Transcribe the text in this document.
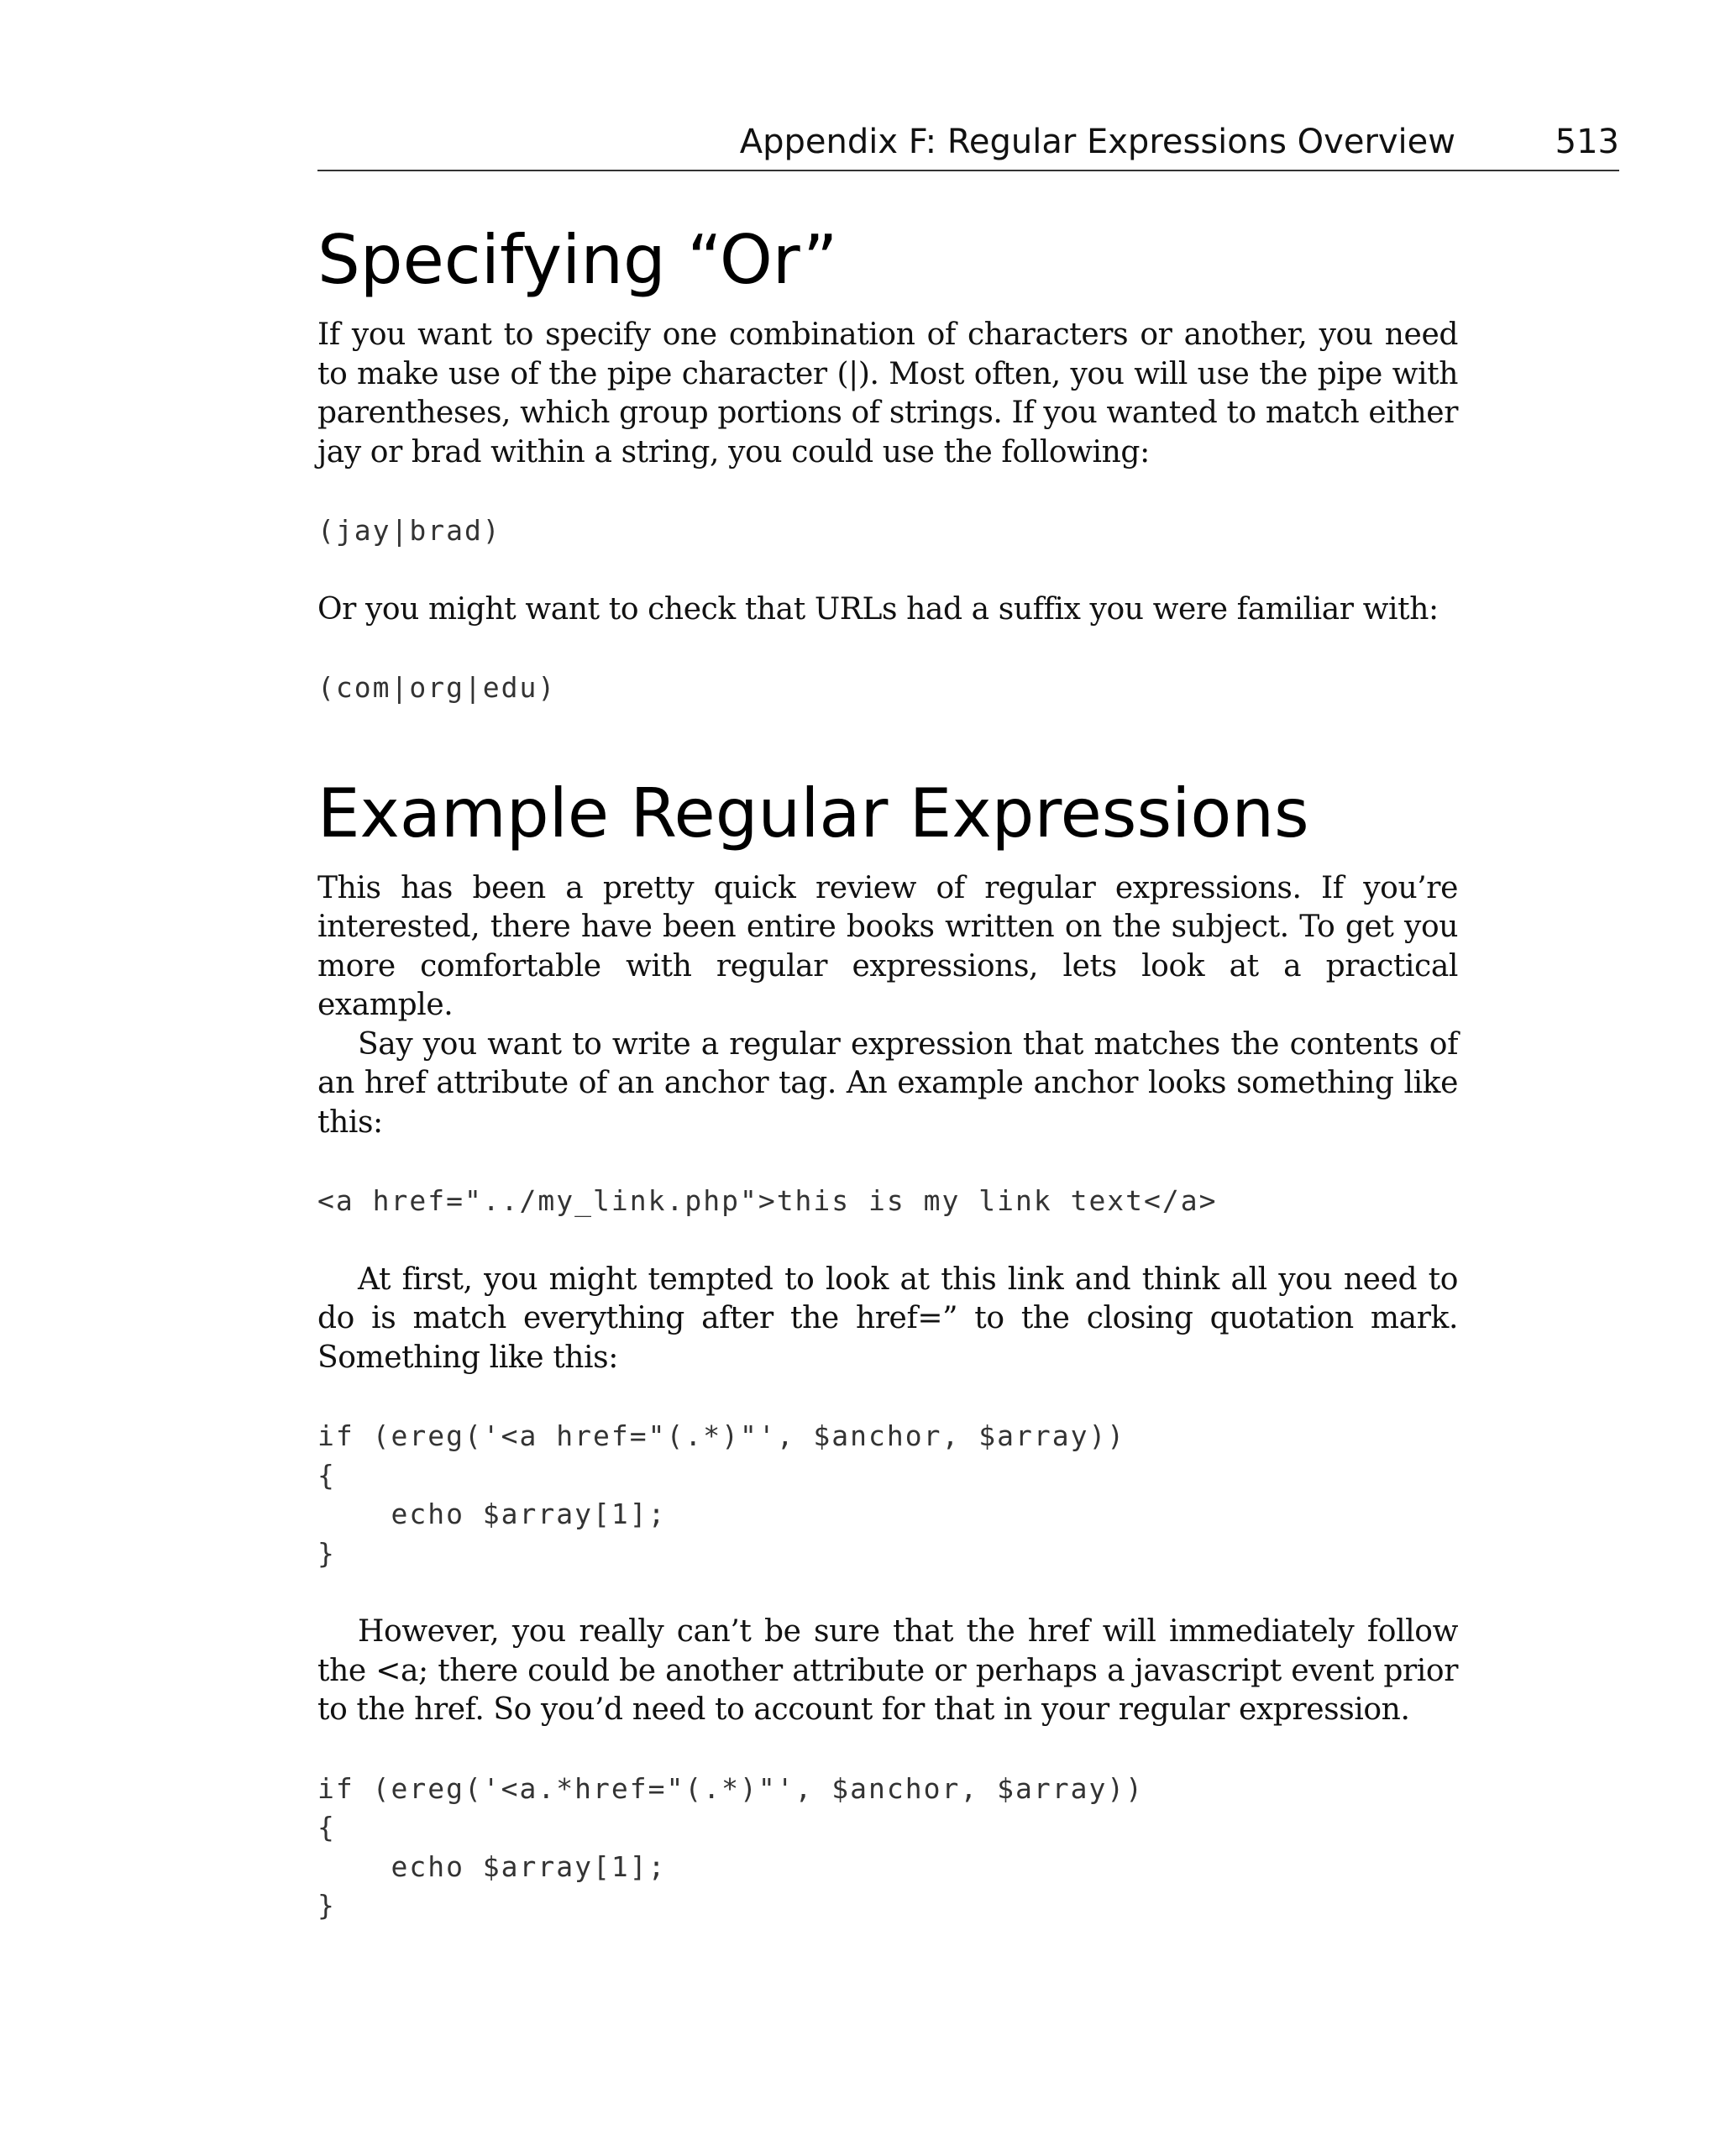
Appendix F: Regular Expressions Overview	513
Specifying “Or”

If you want to specify one combination of characters or another, you need to make use of the pipe character (|). Most often, you will use the pipe with parentheses, which group portions of strings. If you wanted to match either jay or brad within a string, you could use the following:

(jay|brad)

Or you might want to check that URLs had a suffix you were familiar with:

(com|org|edu)
Example Regular Expressions

This has been a pretty quick review of regular expressions. If you’re interested, there have been entire books written on the subject. To get you more comfortable with regular expressions, lets look at a practical example.

Say you want to write a regular expression that matches the contents of an href attribute of an anchor tag. An example anchor looks something like this:

<a href="../my_link.php">this is my link text</a>

At first, you might tempted to look at this link and think all you need to do is match everything after the href=” to the closing quotation mark. Something like this:

if (ereg('<a href="(.*)"', $anchor, $array))
{
echo $array[1];
}

However, you really can’t be sure that the href will immediately follow the <a; there could be another attribute or perhaps a javascript event prior to the href. So you’d need to account for that in your regular expression.

if (ereg('<a.*href="(.*)"', $anchor, $array))
{
echo $array[1];
}
